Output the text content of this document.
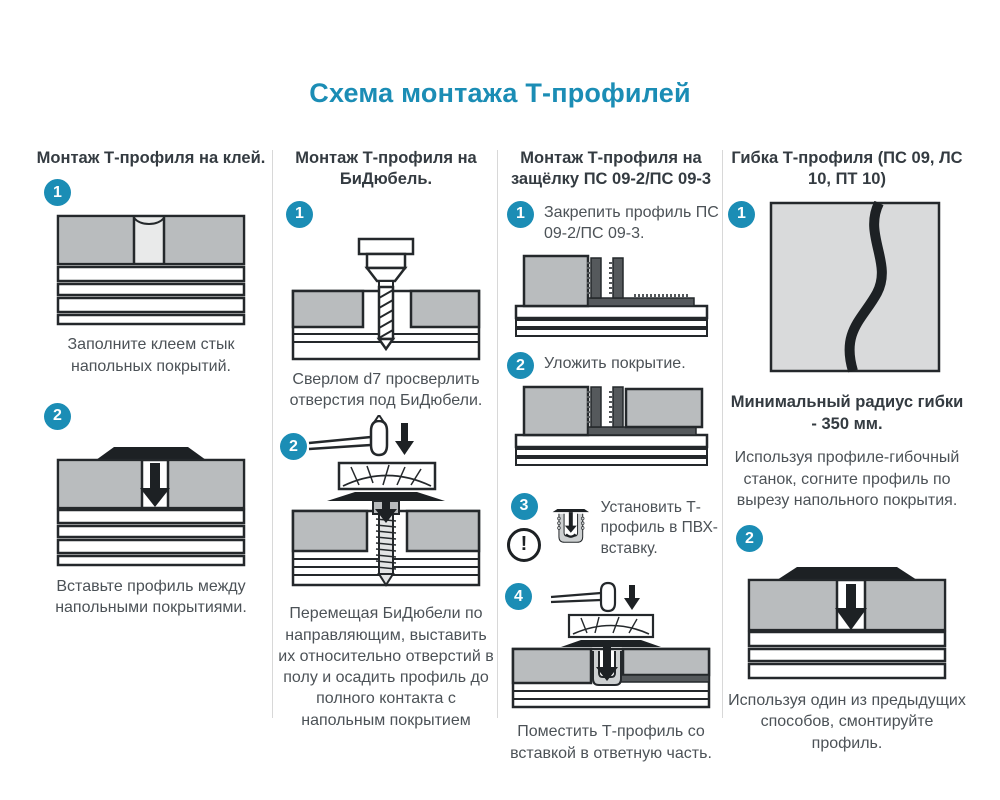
Схема монтажа Т-профилей
Монтаж Т-профиля на клей.
1
Заполните клеем стык напольных покрытий.
2
Вставьте профиль между напольными покрытиями.
Монтаж Т-профиля на БиДюбель.
1
Сверлом d7 просверлить отверстия под БиДюбели.
2
Перемещая БиДюбели по направляющим, выставить их относительно отверстий в полу и осадить профиль до полного контакта с напольным покрытием
Монтаж Т-профиля на защёлку ПС 09-2/ПС 09-3
1	Закрепить профиль ПС 09-2/ПС 09-3.
2	Уложить покрытие.
3
!
Установить Т-профиль в ПВХ-вставку.
4
Поместить Т-профиль со вставкой в ответную часть.
Гибка Т-профиля (ПС 09, ЛС 10, ПТ 10)
1
Минимальный радиус гибки - 350 мм.
Используя профиле-гибочный станок, согните профиль по вырезу напольного покрытия.
2
Используя один из предыдущих способов, смонтируйте профиль.
